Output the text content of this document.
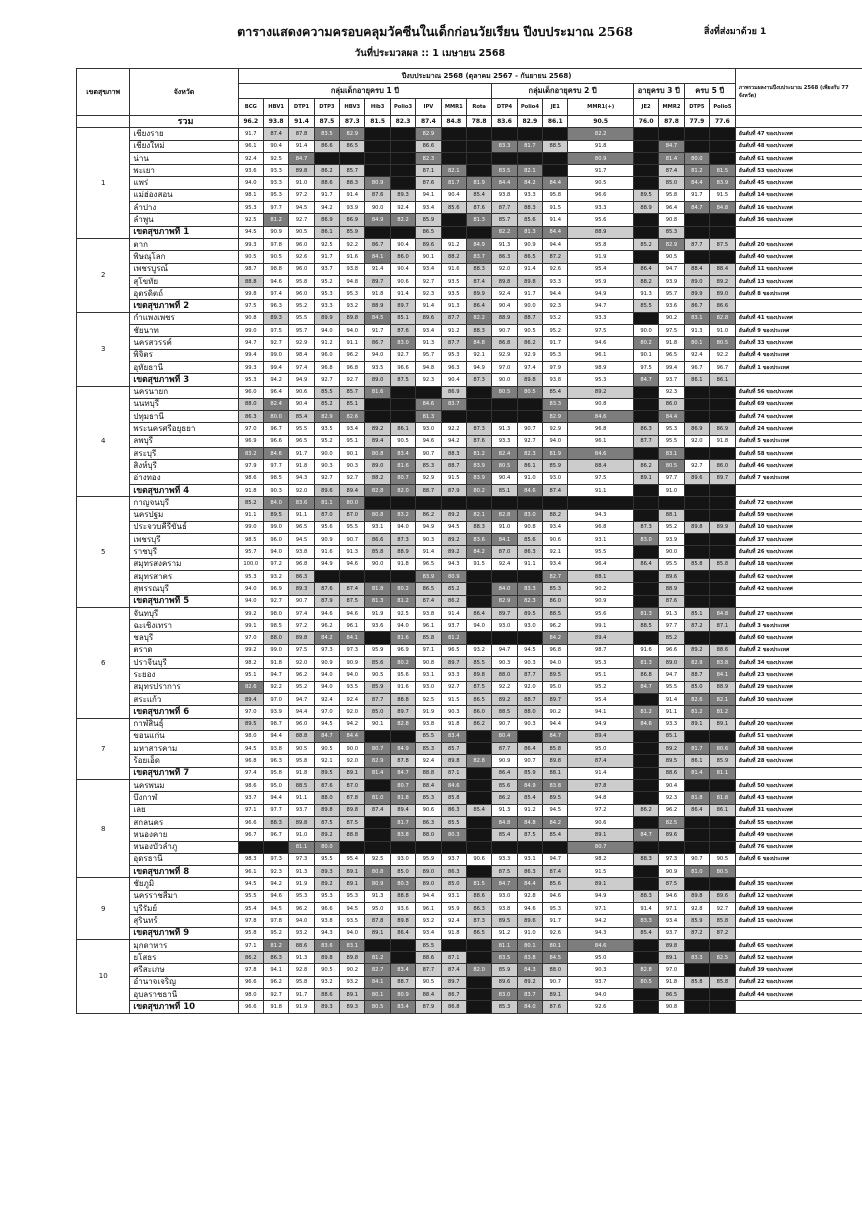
ตารางแสดงความครอบคลุมวัคซีนในเด็กก่อนวัยเรียน ปีงบประมาณ 2568	สิ่งที่ส่งมาด้วย 1
วันที่ประมวลผล :: 1 เมษายน 2568
เขตสุขภาพ	จังหวัด	ปีงบประมาณ 2568 (ตุลาคม 2567 - กันยายน 2568)																		ภาพรวมผลงานปีงบประมาณ 2568 (เพียงกับ 77 จังหวัด)
		กลุ่มเด็กอายุครบ 1 ปี										กลุ่มเด็กอายุครบ 2 ปี				อายุครบ 3 ปี		ครบ 5 ปี		
		BCG	HBV1	DTP1	DTP3	HBV3	Hib3	Polio3	IPV	MMR1	Rota	DTP4	Polio4	JE1	MMR1(+)	JE2	MMR2	DTP5	Polio5	
	รวม	96.2	93.8	91.4	87.5	87.3	81.5	82.3	87.4	84.8	78.8	83.6	82.9	86.1	90.5	76.0	87.8	77.9	77.6	
1	เชียงราย	91.7	87.4	87.8	83.5	82.9			82.9						82.2					อันดับที่ 47 ของประเทศ
	เชียงใหม่	96.1	90.4	91.4	86.6	86.5			86.6			83.3	81.7	88.5	91.8		84.7			อันดับที่ 48 ของประเทศ
	น่าน	92.4	92.5	84.7					82.3						80.9		81.4	80.0		อันดับที่ 61 ของประเทศ
	พะเยา	93.6	93.3	89.8	86.2	85.7			87.1	82.1		83.5	82.1		91.7		87.4	81.2	81.5	อันดับที่ 53 ของประเทศ
	แพร่	94.0	93.3	91.0	88.6	88.3	80.9		87.6	81.7	81.9	84.4	84.2	84.4	90.5		85.0	84.4	83.9	อันดับที่ 45 ของประเทศ
	แม่ฮ่องสอน	98.1	95.3	97.2	91.7	91.4	87.6	89.3	94.1	90.4	85.4	93.8	93.3	95.8	96.6	89.5	95.8	91.7	91.5	อันดับที่ 14 ของประเทศ
	ลำปาง	95.3	97.7	94.5	94.2	93.9	90.0	92.4	93.4	85.6	87.6	87.7	88.3	91.5	93.3	88.9	96.4	84.7	84.8	อันดับที่ 16 ของประเทศ
	ลำพูน	92.5	81.2	92.7	86.9	86.9	84.9	82.2	85.9		81.3	85.7	85.6	91.4	95.6		90.8			อันดับที่ 36 ของประเทศ
	เขตสุขภาพที่ 1	94.5	90.9	90.5	86.1	85.9			86.5			82.2	81.3	84.4	88.9		85.3			
2	ตาก	99.3	97.8	96.0	92.5	92.2	86.7	90.4	89.6	91.2	84.9	91.3	90.9	94.4	95.8	85.2	82.9	87.7	87.5	อันดับที่ 20 ของประเทศ
	พิษณุโลก	90.5	90.5	92.6	91.7	91.6	84.1	86.0	90.1	88.2	83.7	86.3	86.5	87.2	91.9		90.5			อันดับที่ 40 ของประเทศ
	เพชรบูรณ์	98.7	98.8	96.0	93.7	93.8	91.4	90.4	93.4	91.6	88.3	92.0	91.4	92.6	95.4	86.4	94.7	88.4	88.4	อันดับที่ 11 ของประเทศ
	สุโขทัย	88.8	94.6	95.8	95.2	94.8	89.7	90.6	92.7	93.5	87.4	89.8	89.8	93.3	95.9	88.2	93.9	89.0	89.2	อันดับที่ 13 ของประเทศ
	อุตรดิตถ์	99.8	97.4	96.0	95.3	95.3	91.8	91.4	92.3	93.5	89.9	92.4	91.7	94.4	94.9	91.3	95.7	89.9	89.0	อันดับที่ 8 ของประเทศ
	เขตสุขภาพที่ 2	97.5	96.3	95.2	93.3	93.2	88.9	89.7	91.4	91.3	86.4	90.4	90.0	92.3	94.7	85.5	93.6	86.7	86.6	
3	กำแพงเพชร	90.8	89.3	95.5	89.9	89.8	84.5	85.1	89.6	87.7	82.2	88.9	88.7	93.2	93.3		90.2	83.1	82.8	อันดับที่ 41 ของประเทศ
	ชัยนาท	99.0	97.5	95.7	94.0	94.0	91.7	87.6	93.4	91.2	88.3	90.7	90.5	95.2	97.5	90.0	97.5	91.3	91.0	อันดับที่ 9 ของประเทศ
	นครสวรรค์	94.7	92.7	92.9	91.2	91.1	86.7	83.0	91.3	87.7	84.8	86.8	86.2	91.7	94.6	80.2	91.8	80.1	80.5	อันดับที่ 33 ของประเทศ
	พิจิตร	99.4	99.0	98.4	96.0	96.2	94.0	92.7	95.7	95.3	92.1	92.9	92.9	95.3	96.1	90.1	96.5	92.4	92.2	อันดับที่ 4 ของประเทศ
	อุทัยธานี	99.3	99.4	97.4	96.8	96.8	93.5	96.6	94.8	96.3	94.9	97.0	97.4	97.9	98.9	97.5	99.4	96.7	96.7	อันดับที่ 1 ของประเทศ
	เขตสุขภาพที่ 3	95.3	94.2	94.9	92.7	92.7	89.0	87.5	92.3	90.4	87.3	90.0	89.8	93.8	95.3	84.7	93.7	86.1	86.1	
4	นครนายก	96.0	96.4	90.6	85.5	85.7	81.6			86.9		80.5	80.5	85.4	89.2		92.3			อันดับที่ 56 ของประเทศ
	นนทบุรี	88.0	82.4	90.4	85.2	85.1			84.6	83.7				83.3	90.8		86.0			อันดับที่ 69 ของประเทศ
	ปทุมธานี	86.3	80.0	85.4	82.9	82.6			81.3					82.9	84.6		84.4			อันดับที่ 74 ของประเทศ
	พระนครศรีอยุธยา	97.0	96.7	95.5	93.5	93.4	89.2	86.1	93.0	92.2	87.3	91.3	90.7	92.9	96.8	86.3	95.3	86.9	86.9	อันดับที่ 24 ของประเทศ
	ลพบุรี	96.9	96.6	96.5	95.2	95.1	89.4	90.5	94.6	94.2	87.6	93.3	92.7	94.0	96.1	87.7	95.5	92.0	91.8	อันดับที่ 5 ของประเทศ
	สระบุรี	83.2	84.6	91.7	90.0	90.1	80.8	83.4	90.7	88.3	81.2	82.4	82.3	81.9	84.6		83.1			อันดับที่ 58 ของประเทศ
	สิงห์บุรี	97.9	97.7	91.8	90.3	90.3	89.0	81.6	85.3	88.7	83.9	80.5	86.1	85.9	88.4	86.2	80.5	92.7	86.0	อันดับที่ 46 ของประเทศ
	อ่างทอง	98.6	98.5	94.3	92.7	92.7	88.2	80.7	92.9	91.5	83.9	90.4	91.0	93.0	97.5	89.1	97.7	89.6	89.7	อันดับที่ 7 ของประเทศ
	เขตสุขภาพที่ 4	91.8	90.3	92.0	89.6	89.4	82.8	82.0	88.7	87.9	80.2	85.1	84.6	87.4	91.1		91.0			
5	กาญจนบุรี	85.2	84.0	83.6	81.1	80.0														อันดับที่ 72 ของประเทศ
	นครปฐม	91.1	89.5	91.1	87.0	87.0	80.8	83.2	86.2	89.2	82.1	82.8	83.0	88.2	94.3		88.1			อันดับที่ 59 ของประเทศ
	ประจวบคีรีขันธ์	99.0	99.0	96.5	95.6	95.5	93.1	94.0	94.9	94.5	88.3	91.0	90.8	93.4	96.8	87.3	95.2	89.8	89.9	อันดับที่ 10 ของประเทศ
	เพชรบุรี	98.5	96.0	94.5	90.9	90.7	86.6	87.3	90.3	89.2	83.6	84.1	85.6	90.6	93.1	83.0	93.9			อันดับที่ 37 ของประเทศ
	ราชบุรี	95.7	94.0	93.8	91.6	91.3	85.8	88.9	91.4	89.2	84.2	87.0	86.3	92.1	95.5		90.0			อันดับที่ 26 ของประเทศ
	สมุทรสงคราม	100.0	97.2	96.8	94.9	94.6	90.0	91.8	96.5	94.3	91.5	92.4	91.1	93.4	96.4	86.4	95.5	85.8	85.8	อันดับที่ 18 ของประเทศ
	สมุทรสาคร	95.3	93.2	86.3					83.9	80.9				82.7	88.1		89.6			อันดับที่ 62 ของประเทศ
	สุพรรณบุรี	94.0	96.9	89.3	87.6	87.4	81.8	80.2	86.5	85.2		84.0	83.3	85.3	90.2		88.9			อันดับที่ 42 ของประเทศ
	เขตสุขภาพที่ 5	94.0	92.7	90.7	87.9	87.5	81.3	81.2	87.4	86.2		82.9	82.3	86.0	90.9		87.6			
6	จันทบุรี	99.2	98.0	97.4	94.6	94.6	91.9	92.5	93.8	91.4	86.4	89.7	89.5	88.5	95.6	81.3	91.3	85.1	84.8	อันดับที่ 27 ของประเทศ
	ฉะเชิงเทรา	99.1	98.5	97.2	96.2	96.1	93.6	94.0	96.1	93.7	94.0	93.0	93.0	96.2	99.1	88.5	97.7	87.2	87.1	อันดับที่ 3 ของประเทศ
	ชลบุรี	97.0	88.0	89.8	84.2	84.1		81.6	85.8	81.2				84.2	89.4		85.2			อันดับที่ 60 ของประเทศ
	ตราด	99.2	99.0	97.5	97.3	97.3	95.9	96.9	97.1	96.5	93.2	94.7	94.5	96.8	98.7	91.6	96.6	89.2	88.6	อันดับที่ 2 ของประเทศ
	ปราจีนบุรี	98.2	91.8	92.0	90.9	90.9	85.6	80.2	90.8	89.7	85.5	90.3	90.3	94.0	95.3	81.3	89.0	82.9	83.8	อันดับที่ 34 ของประเทศ
	ระยอง	95.1	94.7	96.2	94.0	94.0	90.5	95.6	93.1	93.3	89.8	88.0	87.7	89.5	95.1	86.8	94.7	88.7	84.1	อันดับที่ 23 ของประเทศ
	สมุทรปราการ	82.6	92.2	95.2	94.0	93.5	85.9	91.6	93.0	92.7	87.5	92.2	92.0	95.0	95.2	84.7	95.5	85.0	88.9	อันดับที่ 29 ของประเทศ
	สระแก้ว	89.4	97.0	94.7	92.4	92.4	87.7	88.8	92.5	91.5	86.5	89.2	88.7	89.7	95.4		91.4	82.6	82.1	อันดับที่ 30 ของประเทศ
	เขตสุขภาพที่ 6	97.0	93.9	94.4	97.0	92.0	85.0	89.7	91.9	90.3	86.0	88.5	88.0	90.2	94.1	81.2	91.1	81.2	81.2	
7	กาฬสินธุ์	89.5	98.7	96.0	94.5	94.2	90.1	82.8	93.8	91.8	86.2	90.7	90.3	94.4	94.9	84.6	93.3	89.1	89.1	อันดับที่ 20 ของประเทศ
	ขอนแก่น	98.0	94.4	88.8	84.7	84.4			85.5	83.4		80.4		84.7	89.4		85.1			อันดับที่ 51 ของประเทศ
	มหาสารคาม	94.5	93.8	90.5	90.5	90.0	80.7	84.9	85.3	85.7		87.7	86.4	85.8	95.0		89.2	81.7	80.6	อันดับที่ 38 ของประเทศ
	ร้อยเอ็ด	96.8	96.3	95.8	92.1	92.0	82.9	87.8	92.4	89.8	82.8	90.9	90.7	89.8	87.4		89.5	86.1	85.9	อันดับที่ 28 ของประเทศ
	เขตสุขภาพที่ 7	97.4	95.8	91.8	89.5	89.1	81.4	84.7	88.8	87.1		86.4	85.9	88.1	91.4		88.6	81.4	81.1	
8	นครพนม	98.6	95.0	88.5	87.6	87.0		80.7	88.4	84.6		85.6	84.9	83.8	87.8		90.4			อันดับที่ 50 ของประเทศ
	บึงกาฬ	93.7	94.4	91.1	88.0	87.8	81.0	81.8	85.3	85.8		86.2	85.4	89.5	94.8		92.3	81.8	81.8	อันดับที่ 43 ของประเทศ
	เลย	97.1	97.7	93.7	89.8	89.8	87.4	89.4	90.6	86.3	85.4	91.3	91.2	94.5	97.2	86.2	96.2	86.4	86.1	อันดับที่ 31 ของประเทศ
	สกลนคร	96.6	88.3	89.8	87.5	87.5		81.7	86.3	85.5		84.8	84.8	84.2	90.6		82.5			อันดับที่ 55 ของประเทศ
	หนองคาย	96.7	96.7	91.0	89.2	88.8		83.8	88.0	80.3		85.4	87.5	85.4	89.1	84.7	89.6			อันดับที่ 49 ของประเทศ
	หนองบัวลำภู			81.1	80.0										80.7					อันดับที่ 76 ของประเทศ
	อุดรธานี	98.3	97.3	97.3	95.5	95.4	92.5	93.0	95.9	93.7	90.6	93.3	93.1	94.7	98.2	88.3	97.3	90.7	90.5	อันดับที่ 6 ของประเทศ
	เขตสุขภาพที่ 8	96.1	92.3	91.3	89.3	89.1	80.8	85.0	89.0	86.3		87.5	86.3	87.4	91.5		90.9	81.0	80.5	
9	ชัยภูมิ	94.5	94.2	91.9	89.2	89.1	80.9	80.3	89.0	85.0	81.5	84.7	84.4	85.6	89.1		87.5			อันดับที่ 35 ของประเทศ
	นครราชสีมา	95.5	94.6	95.3	95.3	95.3	91.3	88.8	94.4	93.1	88.6	93.0	92.8	94.6	94.9	88.3	94.6	89.8	89.6	อันดับที่ 12 ของประเทศ
	บุรีรัมย์	95.4	94.5	96.2	96.6	94.5	95.0	93.6	96.1	95.9	86.3	93.8	94.6	95.3	97.1	91.4	97.1	92.8	92.7	อันดับที่ 19 ของประเทศ
	สุรินทร์	97.8	97.8	94.0	93.8	93.5	87.8	89.8	93.2	92.4	87.3	89.5	89.6	91.7	94.2	83.3	93.4	85.9	85.8	อันดับที่ 15 ของประเทศ
	เขตสุขภาพที่ 9	95.8	95.2	93.2	94.3	94.0	89.1	86.4	93.4	91.8	86.5	91.2	91.0	92.6	94.3	85.4	93.7	87.2	87.2	
10	มุกดาหาร	97.1	81.2	88.6	83.6	83.1			85.5			81.1	80.1	80.1	84.6		89.8			อันดับที่ 65 ของประเทศ
	ยโสธร	86.2	86.3	91.3	89.8	89.8	81.2		88.6	87.1		83.5	83.8	84.5	95.0		89.1	83.3	82.5	อันดับที่ 52 ของประเทศ
	ศรีสะเกษ	97.8	94.1	92.8	90.5	90.2	82.7	83.4	87.7	87.4	82.0	85.9	84.3	88.0	90.3	82.8	97.0			อันดับที่ 39 ของประเทศ
	อำนาจเจริญ	96.6	96.2	95.8	93.2	93.2	84.1	88.7	90.5	89.7		89.6	89.2	90.7	93.7	80.5	91.8	85.8	85.8	อันดับที่ 22 ของประเทศ
	อุบลราชธานี	98.0	92.7	91.7	88.6	89.1	80.1	80.9	88.4	86.7		83.0	83.7	89.1	94.0		86.5			อันดับที่ 44 ของประเทศ
	เขตสุขภาพที่ 10	96.6	91.8	91.9	89.3	89.3	80.5	83.4	87.9	86.8		85.3	84.0	87.6	92.6		90.8			
